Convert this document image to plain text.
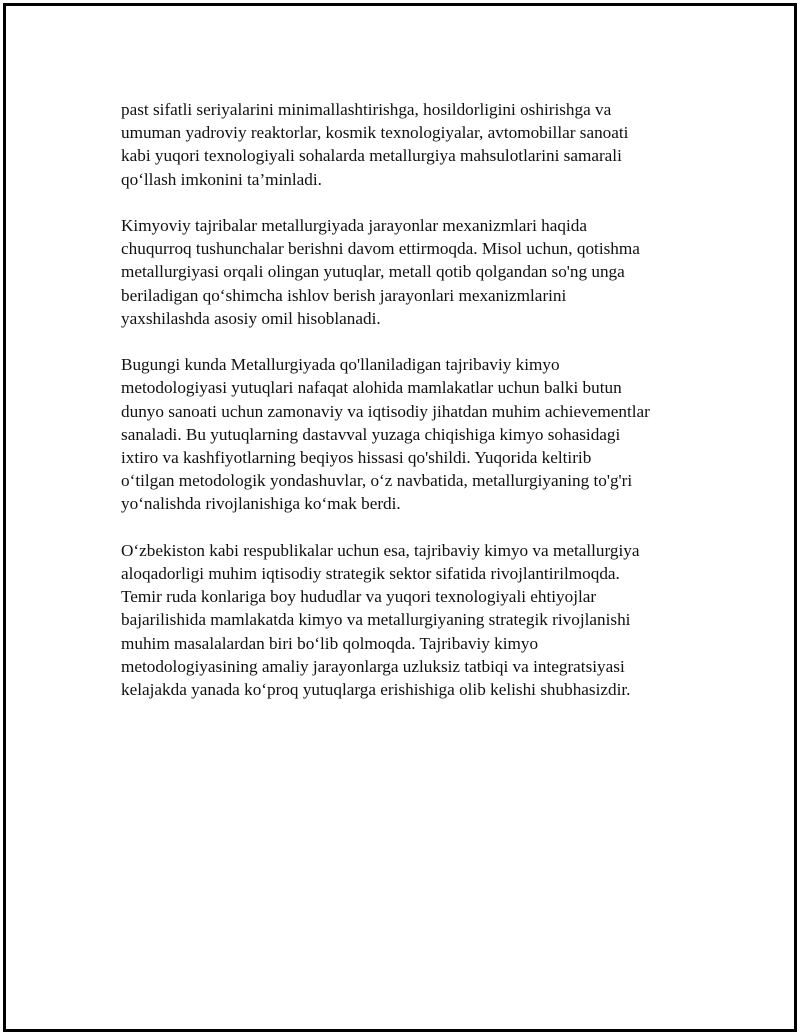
past sifatli seriyalarini minimallashtirishga, hosildorligini oshirishga va
umuman yadroviy reaktorlar, kosmik texnologiyalar, avtomobillar sanoati
kabi yuqori texnologiyali sohalarda metallurgiya mahsulotlarini samarali
qo‘llash imkonini ta’minladi.

Kimyoviy tajribalar metallurgiyada jarayonlar mexanizmlari haqida
chuqurroq tushunchalar berishni davom ettirmoqda. Misol uchun, qotishma
metallurgiyasi orqali olingan yutuqlar, metall qotib qolgandan so'ng unga
beriladigan qo‘shimcha ishlov berish jarayonlari mexanizmlarini
yaxshilashda asosiy omil hisoblanadi.

Bugungi kunda Metallurgiyada qo'llaniladigan tajribaviy kimyo
metodologiyasi yutuqlari nafaqat alohida mamlakatlar uchun balki butun
dunyo sanoati uchun zamonaviy va iqtisodiy jihatdan muhim achievementlar
sanaladi. Bu yutuqlarning dastavval yuzaga chiqishiga kimyo sohasidagi
ixtiro va kashfiyotlarning beqiyos hissasi qo'shildi. Yuqorida keltirib
o‘tilgan metodologik yondashuvlar, o‘z navbatida, metallurgiyaning to'g'ri
yo‘nalishda rivojlanishiga ko‘mak berdi.

O‘zbekiston kabi respublikalar uchun esa, tajribaviy kimyo va metallurgiya
aloqadorligi muhim iqtisodiy strategik sektor sifatida rivojlantirilmoqda.
Temir ruda konlariga boy hududlar va yuqori texnologiyali ehtiyojlar
bajarilishida mamlakatda kimyo va metallurgiyaning strategik rivojlanishi
muhim masalalardan biri bo‘lib qolmoqda. Tajribaviy kimyo
metodologiyasining amaliy jarayonlarga uzluksiz tatbiqi va integratsiyasi
kelajakda yanada ko‘proq yutuqlarga erishishiga olib kelishi shubhasizdir.
